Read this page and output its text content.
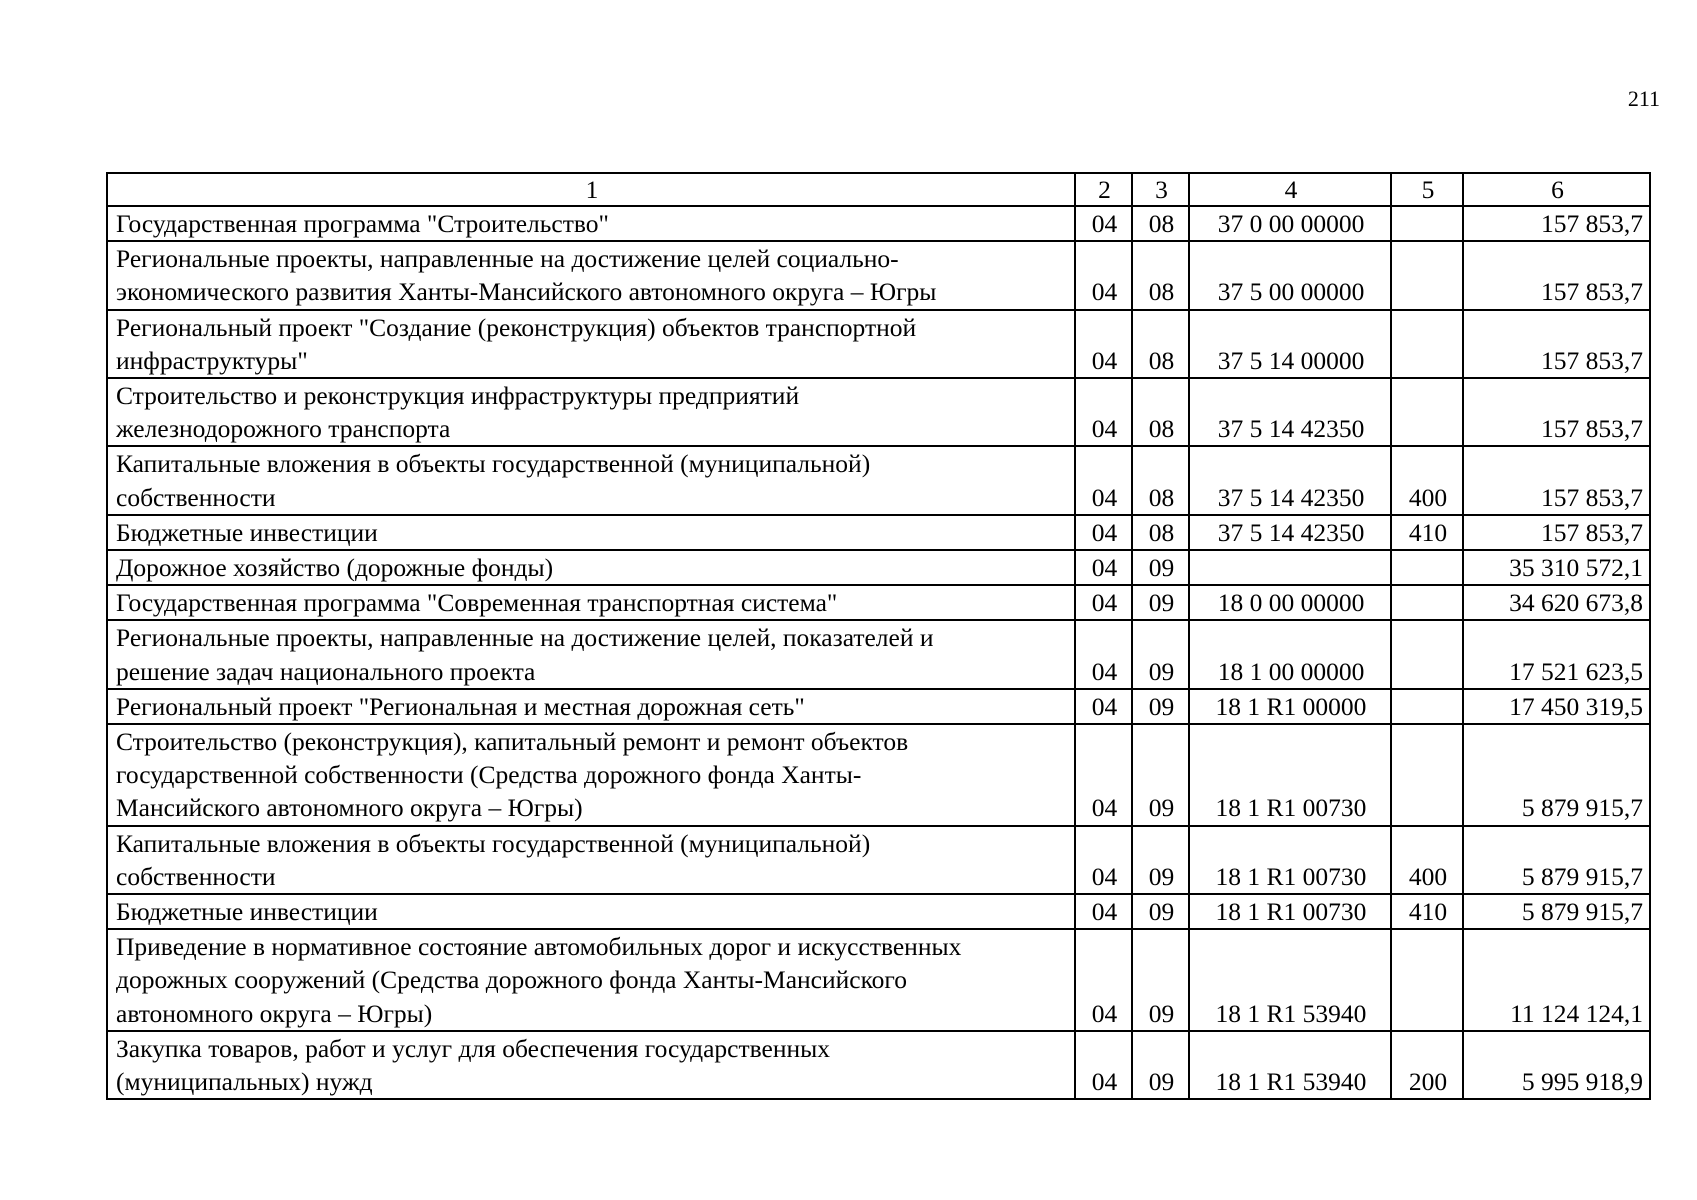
211
1	2	3	4	5	6

Государственная программа "Строительство"	04	08	37 0 00 00000		157 853,7

Региональные проекты, направленные на достижение целей социально-
экономического развития Ханты-Мансийского автономного округа – Югры	04	08	37 5 00 00000		157 853,7

Региональный проект "Создание (реконструкция) объектов транспортной
инфраструктуры"	04	08	37 5 14 00000		157 853,7

Строительство и реконструкция инфраструктуры предприятий
железнодорожного транспорта	04	08	37 5 14 42350		157 853,7

Капитальные вложения в объекты государственной (муниципальной)
собственности	04	08	37 5 14 42350	400	157 853,7

Бюджетные инвестиции	04	08	37 5 14 42350	410	157 853,7

Дорожное хозяйство (дорожные фонды)	04	09			35 310 572,1

Государственная программа "Современная транспортная система"	04	09	18 0 00 00000		34 620 673,8

Региональные проекты, направленные на достижение целей, показателей и
решение задач национального проекта	04	09	18 1 00 00000		17 521 623,5

Региональный проект "Региональная и местная дорожная сеть"	04	09	18 1 R1 00000		17 450 319,5

Строительство (реконструкция), капитальный ремонт и ремонт объектов
государственной собственности (Средства дорожного фонда Ханты-
Мансийского автономного округа – Югры)	04	09	18 1 R1 00730		5 879 915,7

Капитальные вложения в объекты государственной (муниципальной)
собственности	04	09	18 1 R1 00730	400	5 879 915,7

Бюджетные инвестиции	04	09	18 1 R1 00730	410	5 879 915,7

Приведение в нормативное состояние автомобильных дорог и искусственных
дорожных сооружений (Средства дорожного фонда Ханты-Мансийского
автономного округа – Югры)	04	09	18 1 R1 53940		11 124 124,1

Закупка товаров, работ и услуг для обеспечения государственных
(муниципальных) нужд	04	09	18 1 R1 53940	200	5 995 918,9
